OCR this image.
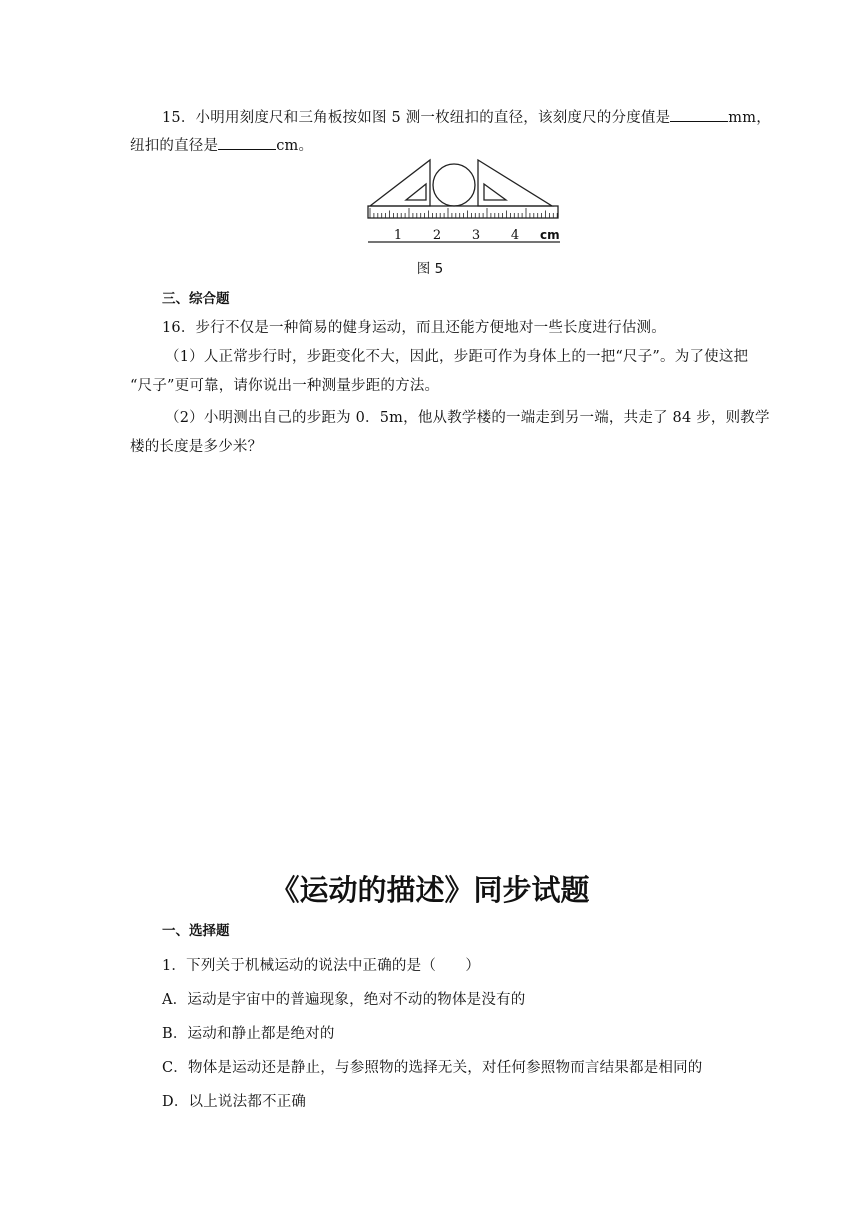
15．小明用刻度尺和三角板按如图 5 测一枚纽扣的直径，该刻度尺的分度值是	mm，
纽扣的直径是	cm。
1 2 3 4 cm
图 5
三、综合题
16．步行不仅是一种简易的健身运动，而且还能方便地对一些长度进行估测。
（1）人正常步行时，步距变化不大，因此，步距可作为身体上的一把“尺子”。为了使这把
“尺子”更可靠，请你说出一种测量步距的方法。
（2）小明测出自己的步距为 0．5m，他从教学楼的一端走到另一端，共走了 84 步，则教学
楼的长度是多少米？
《运动的描述》同步试题
一、选择题
1．下列关于机械运动的说法中正确的是（　　）
A．运动是宇宙中的普遍现象，绝对不动的物体是没有的
B．运动和静止都是绝对的
C．物体是运动还是静止，与参照物的选择无关，对任何参照物而言结果都是相同的
D．以上说法都不正确
